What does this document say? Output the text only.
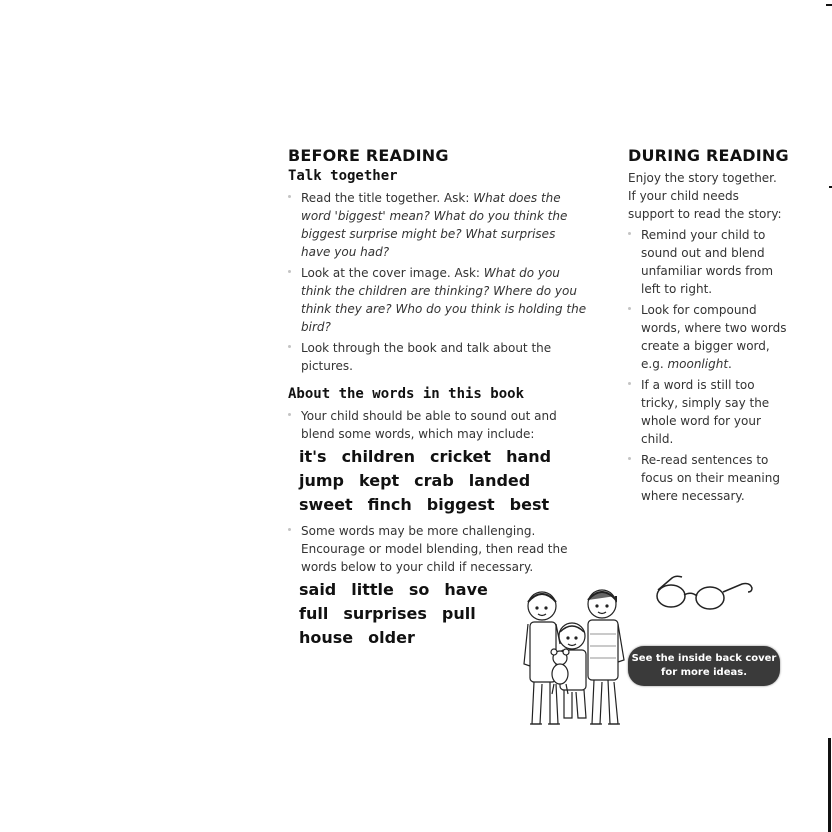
BEFORE READING
Talk together
Read the title together. Ask: What does the word 'biggest' mean? What do you think the biggest surprise might be? What surprises have you had?
Look at the cover image. Ask: What do you think the children are thinking? Where do you think they are? Who do you think is holding the bird?
Look through the book and talk about the pictures.
About the words in this book
Your child should be able to sound out and blend some words, which may include:
it's children cricket hand
jump kept crab landed
sweet finch biggest best
Some words may be more challenging. Encourage or model blending, then read the words below to your child if necessary.
said little so have
full surprises pull
house older
DURING READING
Enjoy the story together. If your child needs support to read the story:
Remind your child to sound out and blend unfamiliar words from left to right.
Look for compound words, where two words create a bigger word, e.g. moonlight.
If a word is still too tricky, simply say the whole word for your child.
Re-read sentences to focus on their meaning where necessary.
See the inside back cover
for more ideas.
